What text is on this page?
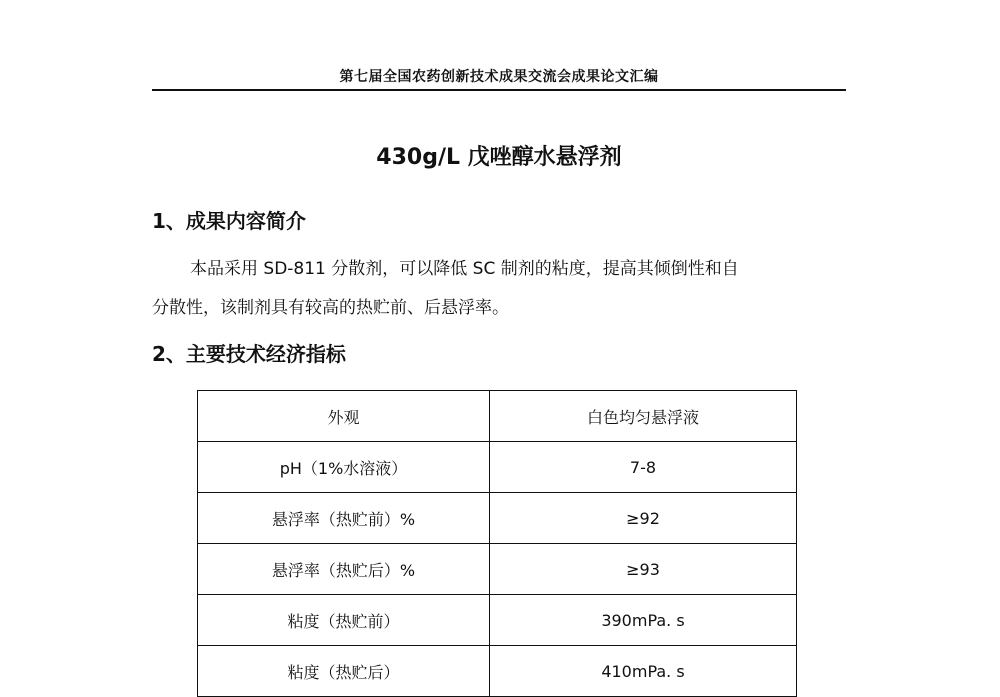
第七届全国农药创新技术成果交流会成果论文汇编
430g/L 戊唑醇水悬浮剂
1、成果内容简介
本品采用 SD-811 分散剂，可以降低 SC 制剂的粘度，提高其倾倒性和自
分散性，该制剂具有较高的热贮前、后悬浮率。
2、主要技术经济指标
外观	白色均匀悬浮液
pH（1%水溶液）	7-8
悬浮率（热贮前）%	≥92
悬浮率（热贮后）%	≥93
粘度（热贮前）	390mPa. s
粘度（热贮后）	410mPa. s
